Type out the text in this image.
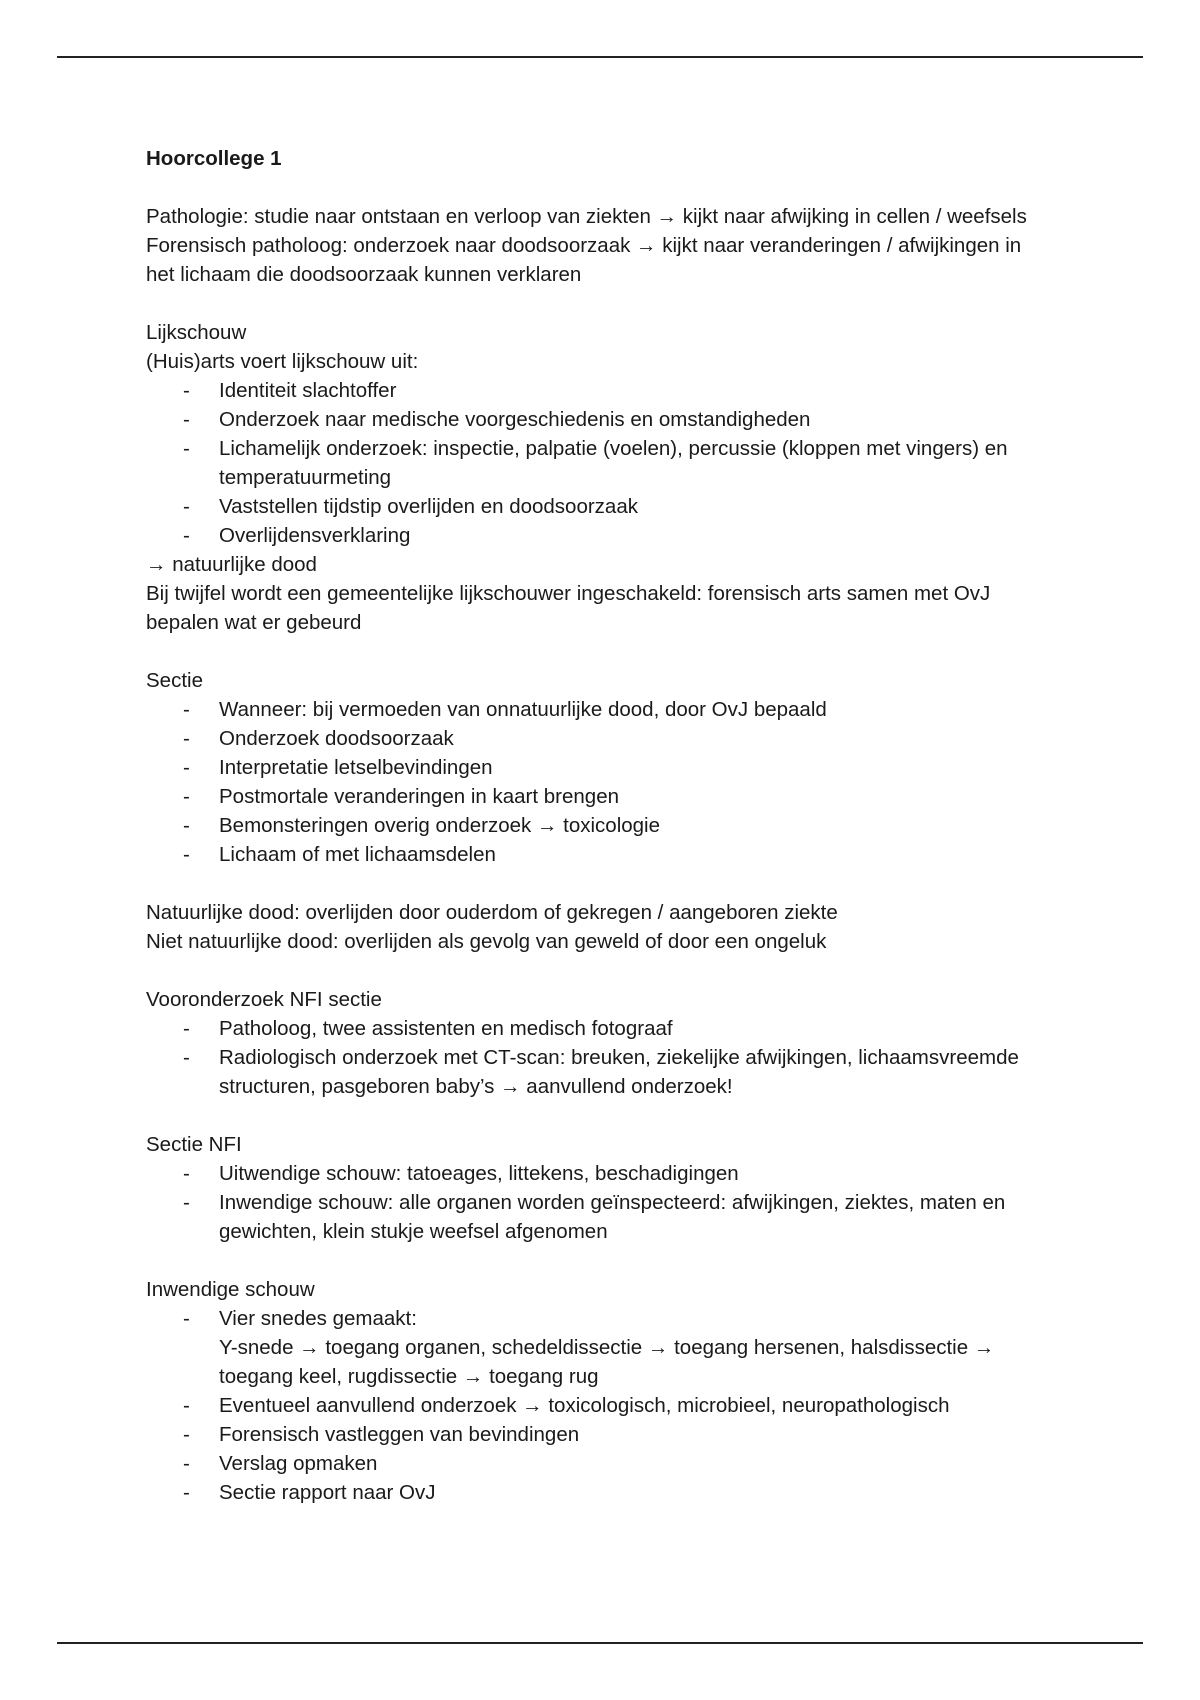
Hoorcollege 1

Pathologie: studie naar ontstaan en verloop van ziekten → kijkt naar afwijking in cellen / weefsels

Forensisch patholoog: onderzoek naar doodsoorzaak → kijkt naar veranderingen / afwijkingen in het lichaam die doodsoorzaak kunnen verklaren

Lijkschouw

(Huis)arts voert lijkschouw uit:

- Identiteit slachtoffer
- Onderzoek naar medische voorgeschiedenis en omstandigheden
- Lichamelijk onderzoek: inspectie, palpatie (voelen), percussie (kloppen met vingers) en temperatuurmeting
- Vaststellen tijdstip overlijden en doodsoorzaak
- Overlijdensverklaring

→ natuurlijke dood

Bij twijfel wordt een gemeentelijke lijkschouwer ingeschakeld: forensisch arts samen met OvJ bepalen wat er gebeurd

Sectie

- Wanneer: bij vermoeden van onnatuurlijke dood, door OvJ bepaald
- Onderzoek doodsoorzaak
- Interpretatie letselbevindingen
- Postmortale veranderingen in kaart brengen
- Bemonsteringen overig onderzoek → toxicologie
- Lichaam of met lichaamsdelen

Natuurlijke dood: overlijden door ouderdom of gekregen / aangeboren ziekte

Niet natuurlijke dood: overlijden als gevolg van geweld of door een ongeluk

Vooronderzoek NFI sectie

- Patholoog, twee assistenten en medisch fotograaf
- Radiologisch onderzoek met CT-scan: breuken, ziekelijke afwijkingen, lichaamsvreemde structuren, pasgeboren baby’s → aanvullend onderzoek!

Sectie NFI

- Uitwendige schouw: tatoeages, littekens, beschadigingen
- Inwendige schouw: alle organen worden geïnspecteerd: afwijkingen, ziektes, maten en gewichten, klein stukje weefsel afgenomen

Inwendige schouw

- Vier snedes gemaakt:
Y-snede → toegang organen, schedeldissectie → toegang hersenen, halsdissectie → toegang keel, rugdissectie → toegang rug
- Eventueel aanvullend onderzoek → toxicologisch, microbieel, neuropathologisch
- Forensisch vastleggen van bevindingen
- Verslag opmaken
- Sectie rapport naar OvJ
